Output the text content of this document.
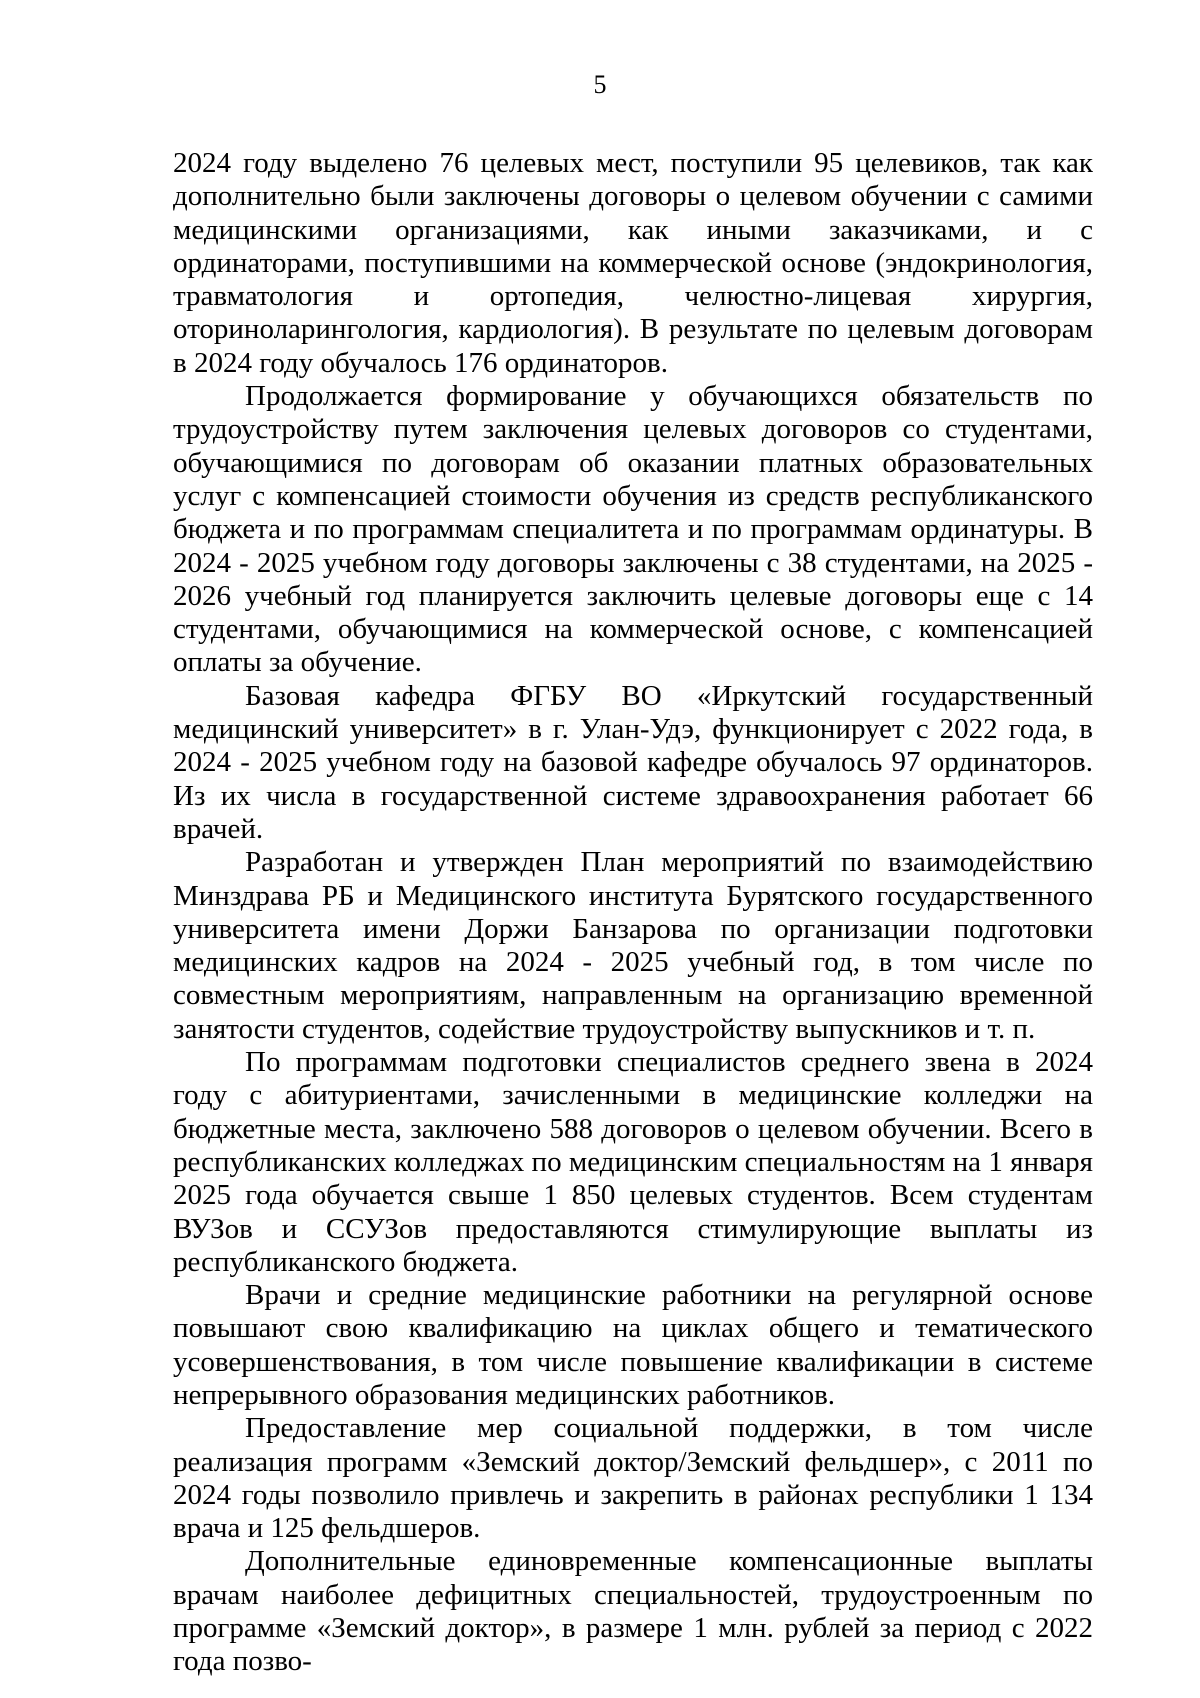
5

2024 году выделено 76 целевых мест, поступили 95 целевиков, так как дополнительно были заключены договоры о целевом обучении с самими медицинскими организациями, как иными заказчиками, и с ординаторами, поступившими на коммерческой основе (эндокринология, травматология и ортопедия, челюстно-лицевая хирургия, оториноларингология, кардиология). В результате по целевым договорам в 2024 году обучалось 176 ординаторов.

Продолжается формирование у обучающихся обязательств по трудоустройству путем заключения целевых договоров со студентами, обучающимися по договорам об оказании платных образовательных услуг с компенсацией стоимости обучения из средств республиканского бюджета и по программам специалитета и по программам ординатуры. В 2024 - 2025 учебном году договоры заключены с 38 студентами, на 2025 - 2026 учебный год планируется заключить целевые договоры еще с 14 студентами, обучающимися на коммерческой основе, с компенсацией оплаты за обучение.

Базовая кафедра ФГБУ ВО «Иркутский государственный медицинский университет» в г. Улан-Удэ, функционирует с 2022 года, в 2024 - 2025 учебном году на базовой кафедре обучалось 97 ординаторов. Из их числа в государственной системе здравоохранения работает 66 врачей.

Разработан и утвержден План мероприятий по взаимодействию Минздрава РБ и Медицинского института Бурятского государственного университета имени Доржи Банзарова по организации подготовки медицинских кадров на 2024 - 2025 учебный год, в том числе по совместным мероприятиям, направленным на организацию временной занятости студентов, содействие трудоустройству выпускников и т. п.

По программам подготовки специалистов среднего звена в 2024 году с абитуриентами, зачисленными в медицинские колледжи на бюджетные места, заключено 588 договоров о целевом обучении. Всего в республиканских колледжах по медицинским специальностям на 1 января 2025 года обучается свыше 1 850 целевых студентов. Всем студентам ВУЗов и ССУЗов предоставляются стимулирующие выплаты из республиканского бюджета.

Врачи и средние медицинские работники на регулярной основе повышают свою квалификацию на циклах общего и тематического усовершенствования, в том числе повышение квалификации в системе непрерывного образования медицинских работников.

Предоставление мер социальной поддержки, в том числе реализация программ «Земский доктор/Земский фельдшер», с 2011 по 2024 годы позволило привлечь и закрепить в районах республики 1 134 врача и 125 фельдшеров.

Дополнительные единовременные компенсационные выплаты врачам наиболее дефицитных специальностей, трудоустроенным по программе «Земский доктор», в размере 1 млн. рублей за период с 2022 года позво-
